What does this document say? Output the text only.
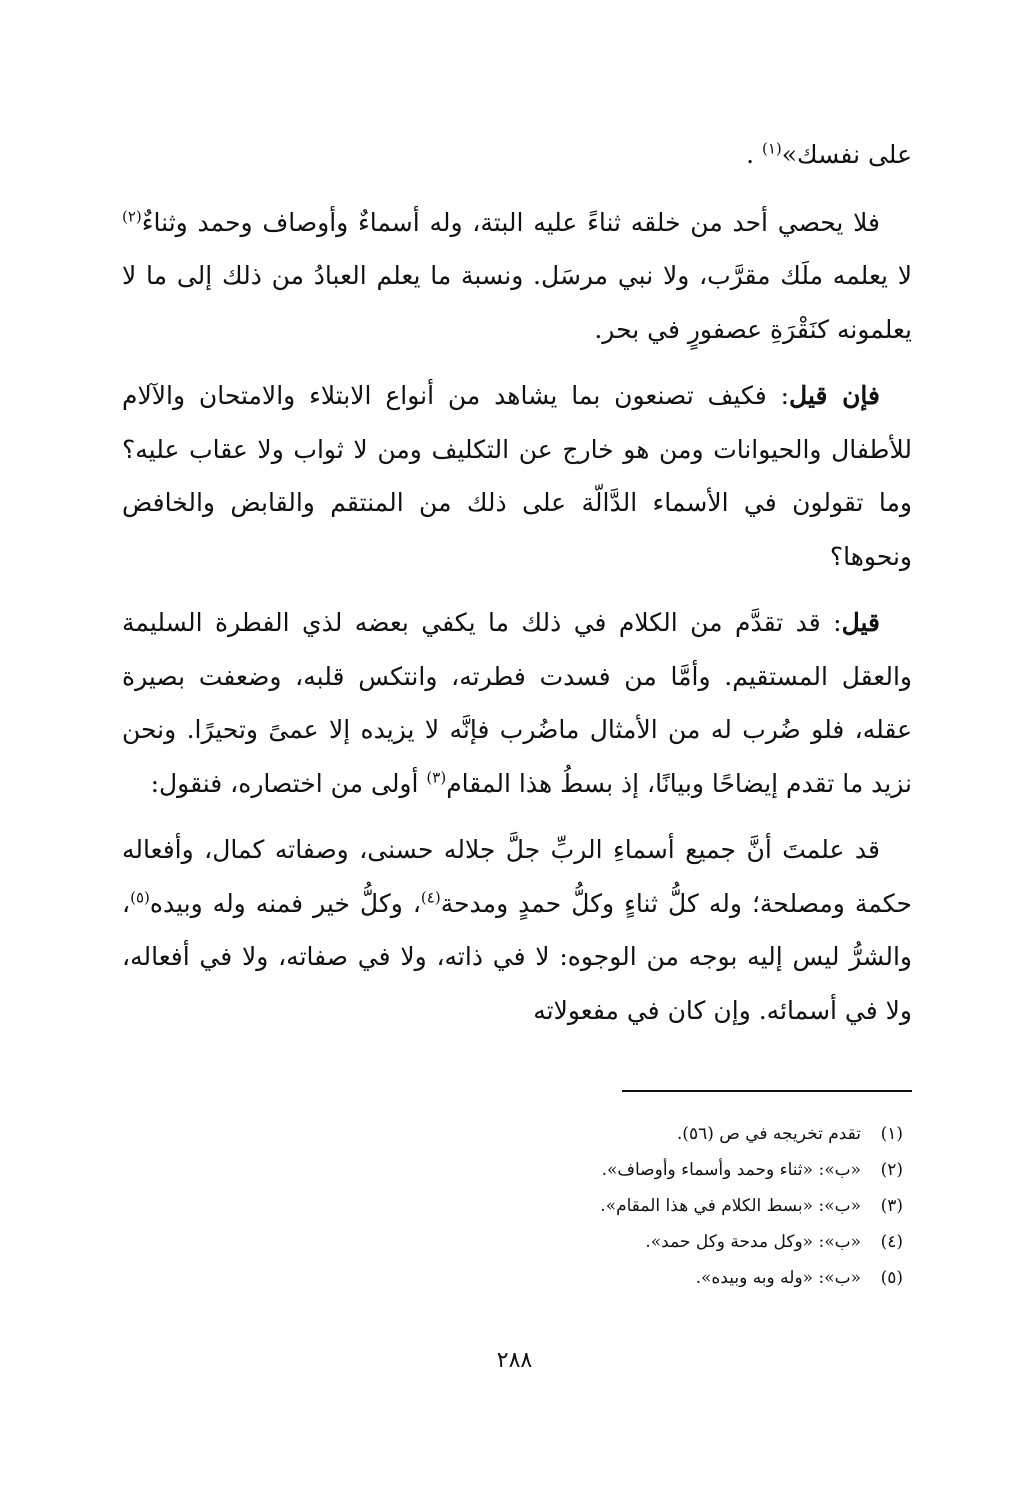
على نفسك»$^{(١)}$ .

فلا يحصي أحد من خلقه ثناءً عليه البتة، وله أسماءٌ وأوصاف وحمد وثناءٌ$^{(٢)}$ لا يعلمه ملَك مقرَّب، ولا نبي مرسَل. ونسبة ما يعلم العبادُ من ذلك إلى ما لا يعلمونه كنَقْرَةِ عصفورٍ في بحر.

فإن قيل: فكيف تصنعون بما يشاهد من أنواع الابتلاء والامتحان والآلام للأطفال والحيوانات ومن هو خارج عن التكليف ومن لا ثواب ولا عقاب عليه؟ وما تقولون في الأسماء الدَّالّة على ذلك من المنتقم والقابض والخافض ونحوها؟

قيل: قد تقدَّم من الكلام في ذلك ما يكفي بعضه لذي الفطرة السليمة والعقل المستقيم. وأمَّا من فسدت فطرته، وانتكس قلبه، وضعفت بصيرة عقله، فلو ضُرب له من الأمثال ماضُرب فإنَّه لا يزيده إلا عمىً وتحيرًا. ونحن نزيد ما تقدم إيضاحًا وبيانًا، إذ بسطُ هذا المقام$^{(٣)}$ أولى من اختصاره، فنقول:

قد علمتَ أنَّ جميع أسماءِ الربِّ جلَّ جلاله حسنى، وصفاته كمال، وأفعاله حكمة ومصلحة؛ وله كلُّ ثناءٍ وكلُّ حمدٍ ومدحة$^{(٤)}$، وكلُّ خير فمنه وله وبيده$^{(٥)}$، والشرُّ ليس إليه بوجه من الوجوه: لا في ذاته، ولا في صفاته، ولا في أفعاله، ولا في أسمائه. وإن كان في مفعولاته

(١)تقدم تخريجه في ص (٥٦).
(٢)«ب»: «ثناء وحمد وأسماء وأوصاف».
(٣)«ب»: «بسط الكلام في هذا المقام».
(٤)«ب»: «وكل مدحة وكل حمد».
(٥)«ب»: «وله وبه وبيده».
٢٨٨
